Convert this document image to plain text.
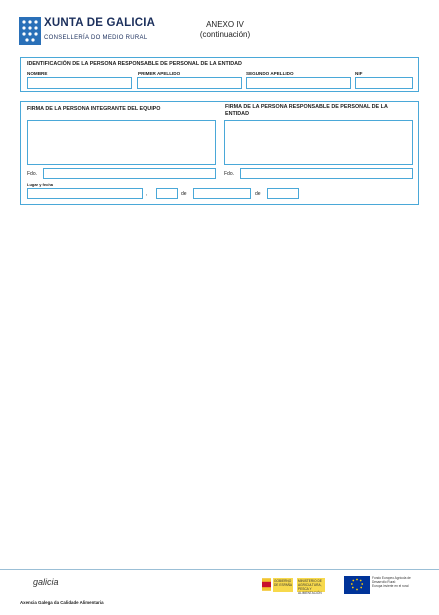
XUNTA DE GALICIA
CONSELLERÍA DO MEDIO RURAL
ANEXO IV
(continuación)
IDENTIFICACIÓN DE LA PERSONA RESPONSABLE DE PERSONAL DE LA ENTIDAD
NOMBRE	PRIMER APELLIDO	SEGUNDO APELLIDO	NIF
FIRMA DE LA PERSONA INTEGRANTE DEL EQUIPO	FIRMA DE LA PERSONA RESPONSABLE DE PERSONAL DE LA ENTIDAD
Fdo.	Fdo.
Lugar y fecha
,	de	de
galicia	GOBIERNO DE ESPAÑA
MINISTERIO DE AGRICULTURA, PESCA Y ALIMENTACIÓN
Fondo Europeo Agrícola de Desarrollo Rural:
Europa invierte en el rural
Axencia Galega da Calidade Alimentaria
